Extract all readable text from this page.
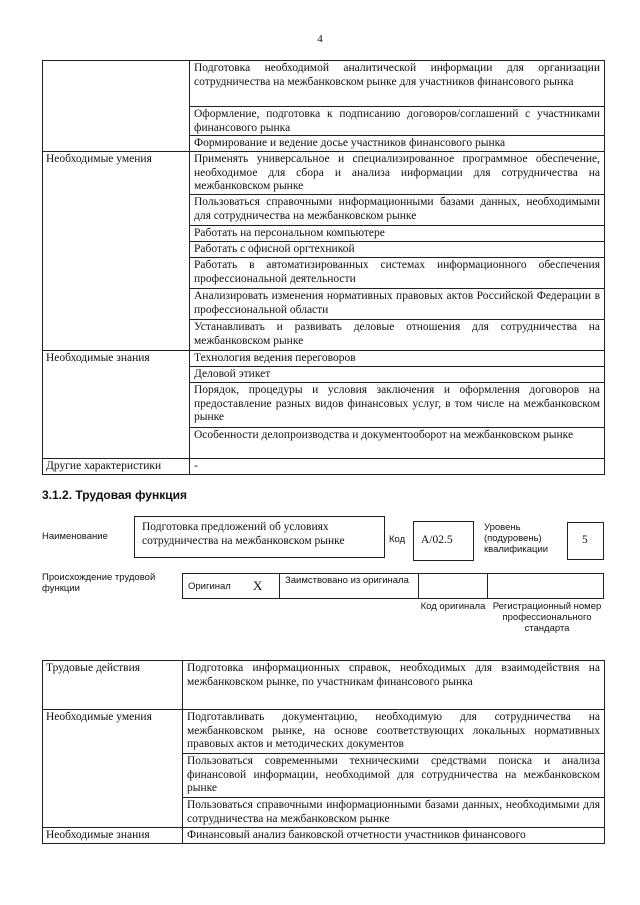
4
	Подготовка необходимой аналитической информации для организации сотрудничества на межбанковском рынке для участников финансового рынка
	Оформление, подготовка к подписанию договоров/соглашений с участниками финансового рынка
	Формирование и ведение досье участников финансового рынка
Необходимые умения	Применять универсальное и специализированное программное обеспечение, необходимое для сбора и анализа информации для сотрудничества на межбанковском рынке
	Пользоваться справочными информационными базами данных, необходимыми для сотрудничества на межбанковском рынке
	Работать на персональном компьютере
	Работать с офисной оргтехникой
	Работать в автоматизированных системах информационного обеспечения профессиональной деятельности
	Анализировать изменения нормативных правовых актов Российской Федерации в профессиональной области
	Устанавливать и развивать деловые отношения для сотрудничества на межбанковском рынке
Необходимые знания	Технология ведения переговоров
	Деловой этикет
	Порядок, процедуры и условия заключения и оформления договоров на предоставление разных видов финансовых услуг, в том числе на межбанковском рынке
	Особенности делопроизводства и документооборот на межбанковском рынке
Другие характеристики	-
3.1.2. Трудовая функция
Наименование
Подготовка предложений об условиях сотрудничества на межбанковском рынке	Код А/02.5
Уровень (подуровень) квалификации
5
Происхождение трудовой функции	Оригинал X Заимствовано из оригинала
Код оригинала Регистрационный номер профессионального стандарта
Трудовые действия	Подготовка информационных справок, необходимых для взаимодействия на межбанковском рынке, по участникам финансового рынка
Необходимые умения	Подготавливать документацию, необходимую для сотрудничества на межбанковском рынке, на основе соответствующих локальных нормативных правовых актов и методических документов
	Пользоваться современными техническими средствами поиска и анализа финансовой информации, необходимой для сотрудничества на межбанковском рынке
	Пользоваться справочными информационными базами данных, необходимыми для сотрудничества на межбанковском рынке
Необходимые знания	Финансовый анализ банковской отчетности участников финансового
